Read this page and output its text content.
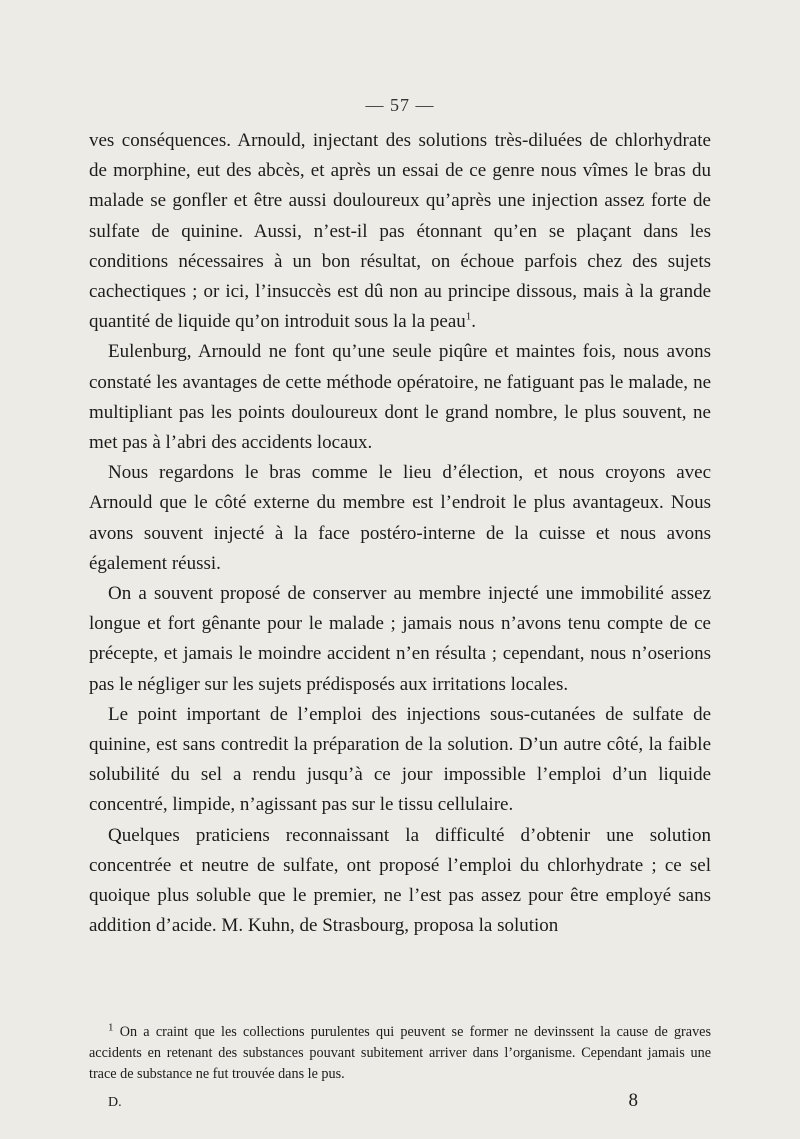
— 57 —

ves conséquences. Arnould, injectant des solutions très-diluées de chlorhydrate de morphine, eut des abcès, et après un essai de ce genre nous vîmes le bras du malade se gonfler et être aussi douloureux qu’après une injection assez forte de sulfate de quinine. Aussi, n’est-il pas étonnant qu’en se plaçant dans les conditions nécessaires à un bon résultat, on échoue parfois chez des sujets cachectiques ; or ici, l’insuccès est dû non au principe dissous, mais à la grande quantité de liquide qu’on introduit sous la la peau$^1$.

Eulenburg, Arnould ne font qu’une seule piqûre et maintes fois, nous avons constaté les avantages de cette méthode opératoire, ne fatiguant pas le malade, ne multipliant pas les points douloureux dont le grand nombre, le plus souvent, ne met pas à l’abri des accidents locaux.

Nous regardons le bras comme le lieu d’élection, et nous croyons avec Arnould que le côté externe du membre est l’endroit le plus avantageux. Nous avons souvent injecté à la face postéro-interne de la cuisse et nous avons également réussi.

On a souvent proposé de conserver au membre injecté une immobilité assez longue et fort gênante pour le malade ; jamais nous n’avons tenu compte de ce précepte, et jamais le moindre accident n’en résulta ; cependant, nous n’oserions pas le négliger sur les sujets prédisposés aux irritations locales.

Le point important de l’emploi des injections sous-cutanées de sulfate de quinine, est sans contredit la préparation de la solution. D’un autre côté, la faible solubilité du sel a rendu jusqu’à ce jour impossible l’emploi d’un liquide concentré, limpide, n’agissant pas sur le tissu cellulaire.

Quelques praticiens reconnaissant la difficulté d’obtenir une solution concentrée et neutre de sulfate, ont proposé l’emploi du chlorhydrate ; ce sel quoique plus soluble que le premier, ne l’est pas assez pour être employé sans addition d’acide. M. Kuhn, de Strasbourg, proposa la solution

$^1$ On a craint que les collections purulentes qui peuvent se former ne devinssent la cause de graves accidents en retenant des substances pouvant subitement arriver dans l’organisme. Cependant jamais une trace de substance ne fut trouvée dans le pus.

D.	8
